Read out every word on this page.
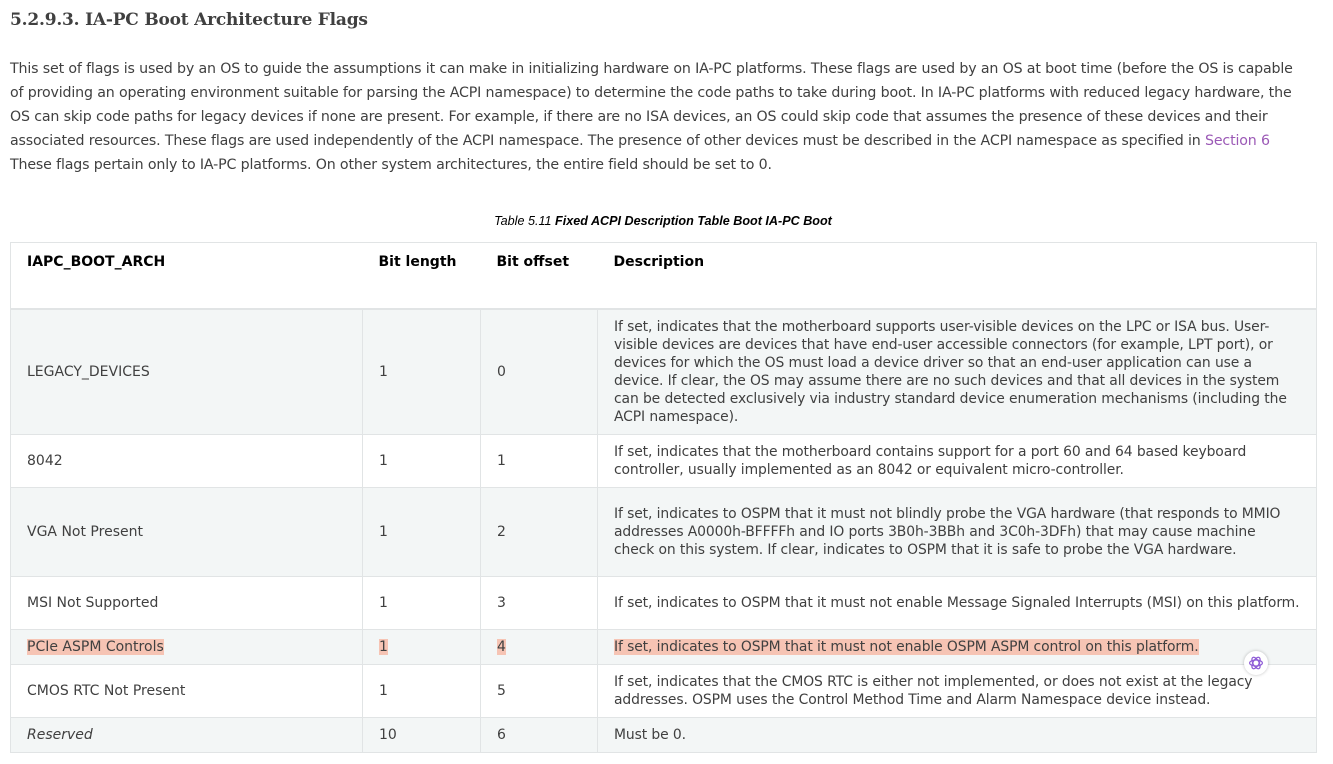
5.2.9.3. IA-PC Boot Architecture Flags

This set of flags is used by an OS to guide the assumptions it can make in initializing hardware on IA-PC platforms. These flags are used by an OS at boot time (before the OS is capable of providing an operating environment suitable for parsing the ACPI namespace) to determine the code paths to take during boot. In IA-PC platforms with reduced legacy hardware, the OS can skip code paths for legacy devices if none are present. For example, if there are no ISA devices, an OS could skip code that assumes the presence of these devices and their associated resources. These flags are used independently of the ACPI namespace. The presence of other devices must be described in the ACPI namespace as specified in Section 6 These flags pertain only to IA-PC platforms. On other system architectures, the entire field should be set to 0.

Table 5.11 Fixed ACPI Description Table Boot IA-PC Boot
IAPC_BOOT_ARCH	Bit length	Bit offset	Description
LEGACY_DEVICES	1	0	If set, indicates that the motherboard supports user-visible devices on the LPC or ISA bus. User-visible devices are devices that have end-user accessible connectors (for example, LPT port), or devices for which the OS must load a device driver so that an end-user application can use a device. If clear, the OS may assume there are no such devices and that all devices in the system can be detected exclusively via industry standard device enumeration mechanisms (including the ACPI namespace).
8042	1	1	If set, indicates that the motherboard contains support for a port 60 and 64 based keyboard controller, usually implemented as an 8042 or equivalent micro-controller.
VGA Not Present	1	2	If set, indicates to OSPM that it must not blindly probe the VGA hardware (that responds to MMIO addresses A0000h-BFFFFh and IO ports 3B0h-3BBh and 3C0h-3DFh) that may cause machine check on this system. If clear, indicates to OSPM that it is safe to probe the VGA hardware.
MSI Not Supported	1	3	If set, indicates to OSPM that it must not enable Message Signaled Interrupts (MSI) on this platform.
PCIe ASPM Controls	1	4	If set, indicates to OSPM that it must not enable OSPM ASPM control on this platform.
CMOS RTC Not Present	1	5	If set, indicates that the CMOS RTC is either not implemented, or does not exist at the legacy addresses. OSPM uses the Control Method Time and Alarm Namespace device instead.
Reserved	10	6	Must be 0.
